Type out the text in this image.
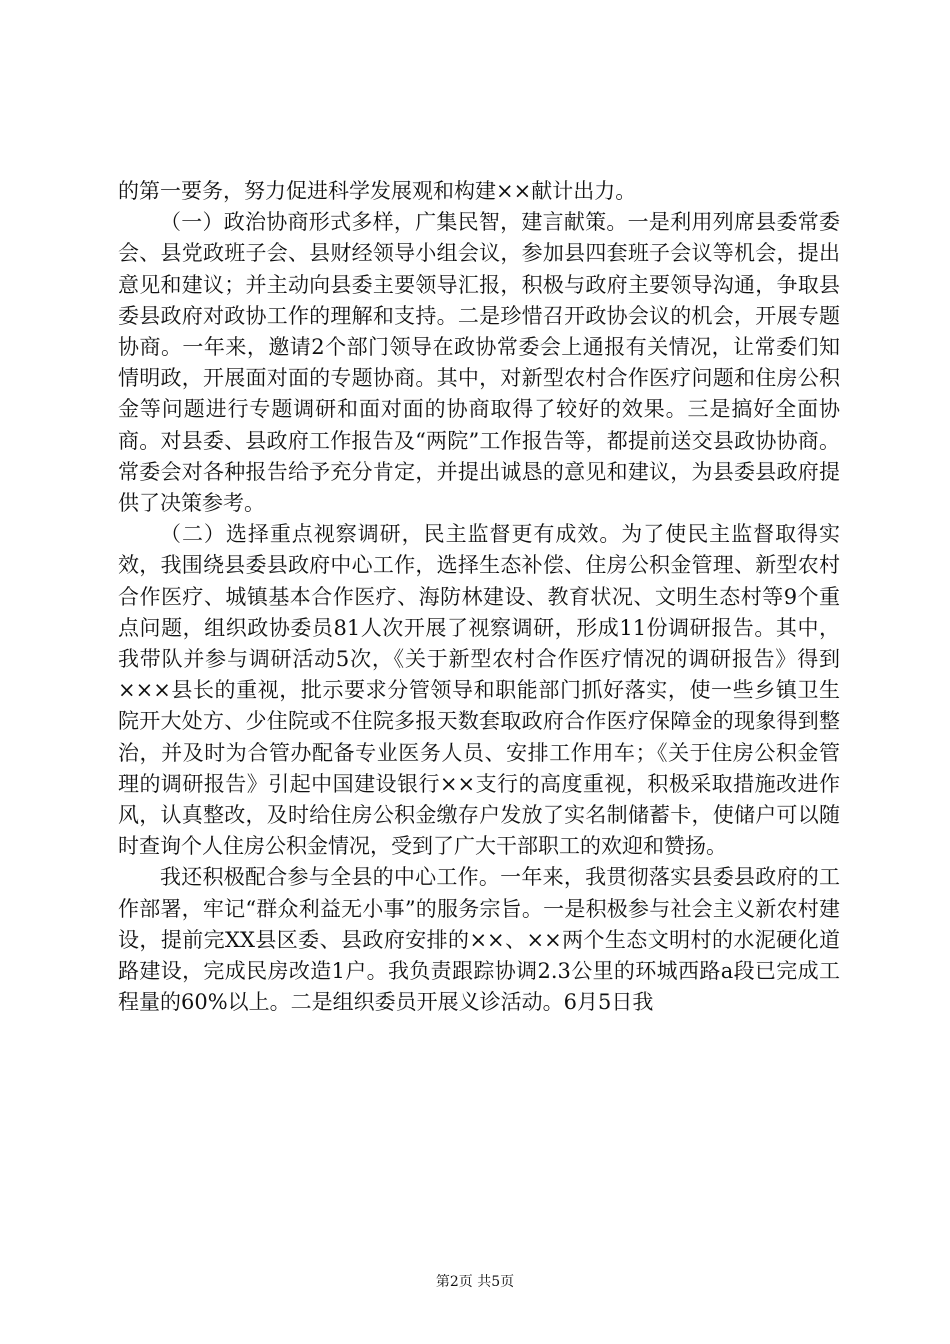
的第一要务，努力促进科学发展观和构建××献计出力。

（一）政治协商形式多样，广集民智，建言献策。一是利用列席县委常委会、县党政班子会、县财经领导小组会议，参加县四套班子会议等机会，提出意见和建议；并主动向县委主要领导汇报，积极与政府主要领导沟通，争取县委县政府对政协工作的理解和支持。二是珍惜召开政协会议的机会，开展专题协商。一年来，邀请2个部门领导在政协常委会上通报有关情况，让常委们知情明政，开展面对面的专题协商。其中，对新型农村合作医疗问题和住房公积金等问题进行专题调研和面对面的协商取得了较好的效果。三是搞好全面协商。对县委、县政府工作报告及“两院”工作报告等，都提前送交县政协协商。常委会对各种报告给予充分肯定，并提出诚恳的意见和建议，为县委县政府提供了决策参考。

（二）选择重点视察调研，民主监督更有成效。为了使民主监督取得实效，我围绕县委县政府中心工作，选择生态补偿、住房公积金管理、新型农村合作医疗、城镇基本合作医疗、海防林建设、教育状况、文明生态村等9个重点问题，组织政协委员81人次开展了视察调研，形成11份调研报告。其中，我带队并参与调研活动5次，《关于新型农村合作医疗情况的调研报告》得到×××县长的重视，批示要求分管领导和职能部门抓好落实，使一些乡镇卫生院开大处方、少住院或不住院多报天数套取政府合作医疗保障金的现象得到整治，并及时为合管办配备专业医务人员、安排工作用车；《关于住房公积金管理的调研报告》引起中国建设银行××支行的高度重视，积极采取措施改进作风，认真整改，及时给住房公积金缴存户发放了实名制储蓄卡，使储户可以随时查询个人住房公积金情况，受到了广大干部职工的欢迎和赞扬。

我还积极配合参与全县的中心工作。一年来，我贯彻落实县委县政府的工作部署，牢记“群众利益无小事”的服务宗旨。一是积极参与社会主义新农村建设，提前完XX县区委、县政府安排的××、××两个生态文明村的水泥硬化道路建设，完成民房改造1户。我负责跟踪协调2.3公里的环城西路a段已完成工程量的60%以上。二是组织委员开展义诊活动。6月5日我

第2页 共5页
